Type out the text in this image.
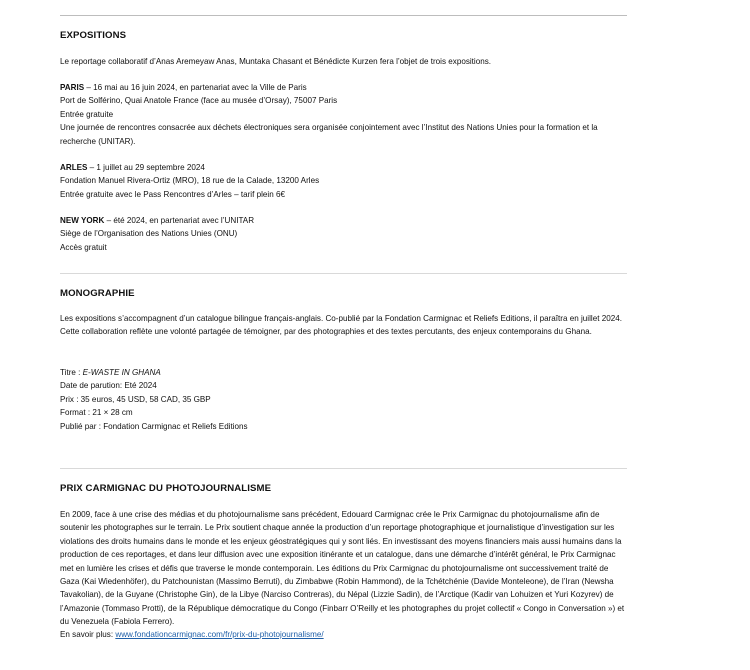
EXPOSITIONS

Le reportage collaboratif d’Anas Aremeyaw Anas, Muntaka Chasant et Bénédicte Kurzen fera l’objet de trois expositions.

PARIS – 16 mai au 16 juin 2024, en partenariat avec la Ville de Paris
Port de Solférino, Quai Anatole France (face au musée d’Orsay), 75007 Paris
Entrée gratuite
Une journée de rencontres consacrée aux déchets électroniques sera organisée conjointement avec l’Institut des Nations Unies pour la formation et la recherche (UNITAR).
ARLES – 1 juillet au 29 septembre 2024
Fondation Manuel Rivera-Ortiz (MRO), 18 rue de la Calade, 13200 Arles
Entrée gratuite avec le Pass Rencontres d’Arles – tarif plein 6€
NEW YORK – été 2024, en partenariat avec l’UNITAR
Siège de l’Organisation des Nations Unies (ONU)
Accès gratuit
MONOGRAPHIE

Les expositions s’accompagnent d’un catalogue bilingue français-anglais. Co-publié par la Fondation Carmignac et Reliefs Editions, il paraîtra en juillet 2024. Cette collaboration reflète une volonté partagée de témoigner, par des photographies et des textes percutants, des enjeux contemporains du Ghana.

Titre : E-WASTE IN GHANA
Date de parution: Eté 2024
Prix : 35 euros, 45 USD, 58 CAD, 35 GBP
Format : 21 × 28 cm
Publié par : Fondation Carmignac et Reliefs Editions
PRIX CARMIGNAC DU PHOTOJOURNALISME

En 2009, face à une crise des médias et du photojournalisme sans précédent, Edouard Carmignac crée le Prix Carmignac du photojournalisme afin de soutenir les photographes sur le terrain. Le Prix soutient chaque année la production d’un reportage photographique et journalistique d’investigation sur les violations des droits humains dans le monde et les enjeux géostratégiques qui y sont liés. En investissant des moyens financiers mais aussi humains dans la production de ces reportages, et dans leur diffusion avec une exposition itinérante et un catalogue, dans une démarche d’intérêt général, le Prix Carmignac met en lumière les crises et défis que traverse le monde contemporain. Les éditions du Prix Carmignac du photojournalisme ont successivement traité de Gaza (Kai Wiedenhöfer), du Patchounistan (Massimo Berruti), du Zimbabwe (Robin Hammond), de la Tchétchénie (Davide Monteleone), de l’Iran (Newsha Tavakolian), de la Guyane (Christophe Gin), de la Libye (Narciso Contreras), du Népal (Lizzie Sadin), de l’Arctique (Kadir van Lohuizen et Yuri Kozyrev) de l’Amazonie (Tommaso Protti), de la République démocratique du Congo (Finbarr O’Reilly et les photographes du projet collectif « Congo in Conversation ») et du Venezuela (Fabiola Ferrero).

En savoir plus: www.fondationcarmignac.com/fr/prix-du-photojournalisme/
